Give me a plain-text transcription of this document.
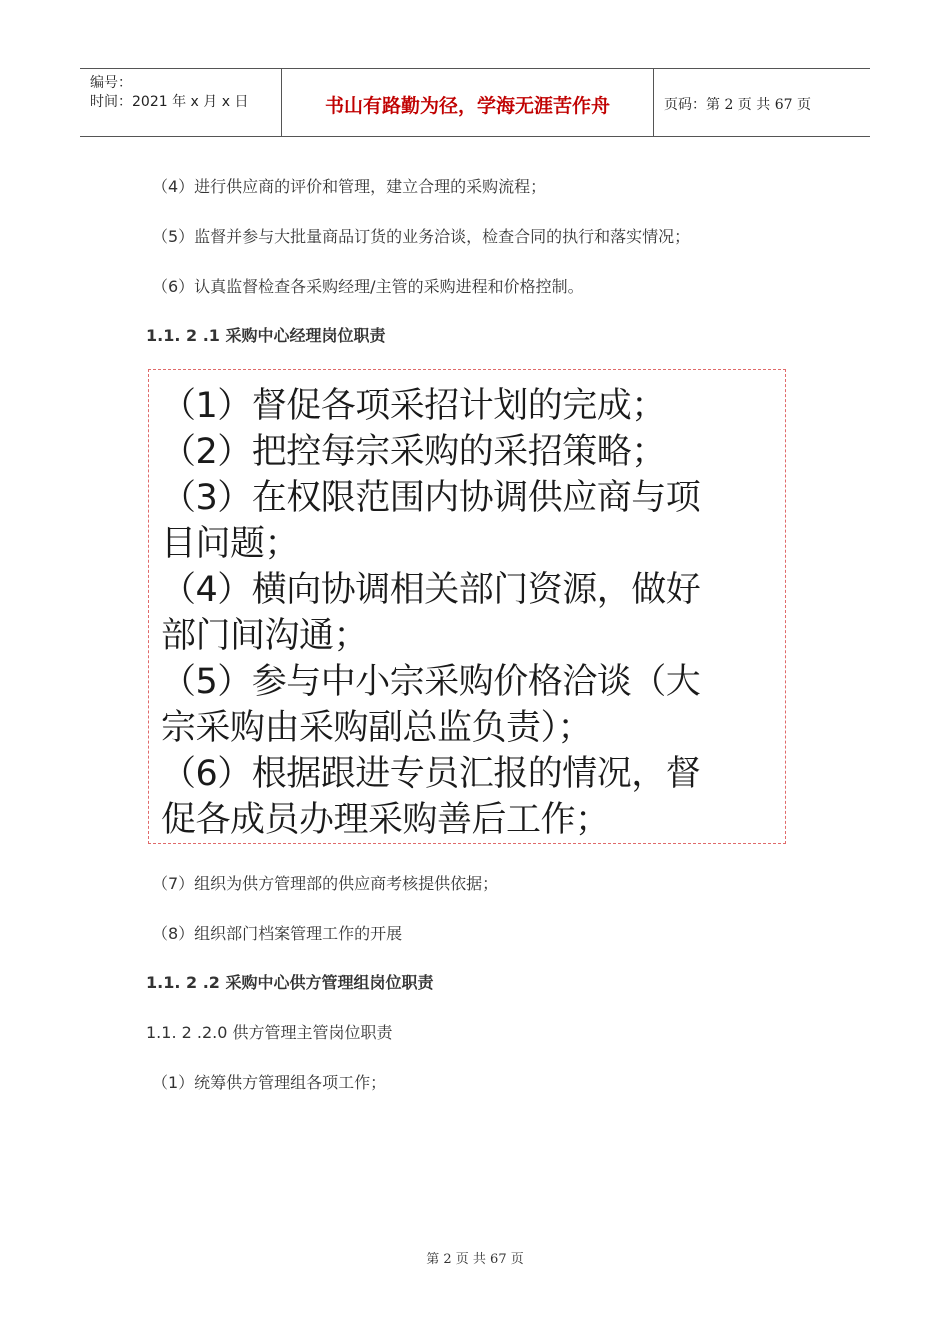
编号：
时间：2021 年 x 月 x 日	书山有路勤为径，学海无涯苦作舟	页码：第 2 页 共 67 页
（4）进行供应商的评价和管理，建立合理的采购流程；
（5）监督并参与大批量商品订货的业务洽谈，检查合同的执行和落实情况；
（6）认真监督检查各采购经理/主管的采购进程和价格控制。
1.1. 2 .1 采购中心经理岗位职责
（1）督促各项采招计划的完成；
（2）把控每宗采购的采招策略；
（3）在权限范围内协调供应商与项
目问题；
（4）横向协调相关部门资源，做好
部门间沟通；
（5）参与中小宗采购价格洽谈（大
宗采购由采购副总监负责）；
（6）根据跟进专员汇报的情况，督
促各成员办理采购善后工作；
（7）组织为供方管理部的供应商考核提供依据；
（8）组织部门档案管理工作的开展
1.1. 2 .2 采购中心供方管理组岗位职责
1.1. 2 .2.0 供方管理主管岗位职责
（1）统筹供方管理组各项工作；
第 2 页 共 67 页
